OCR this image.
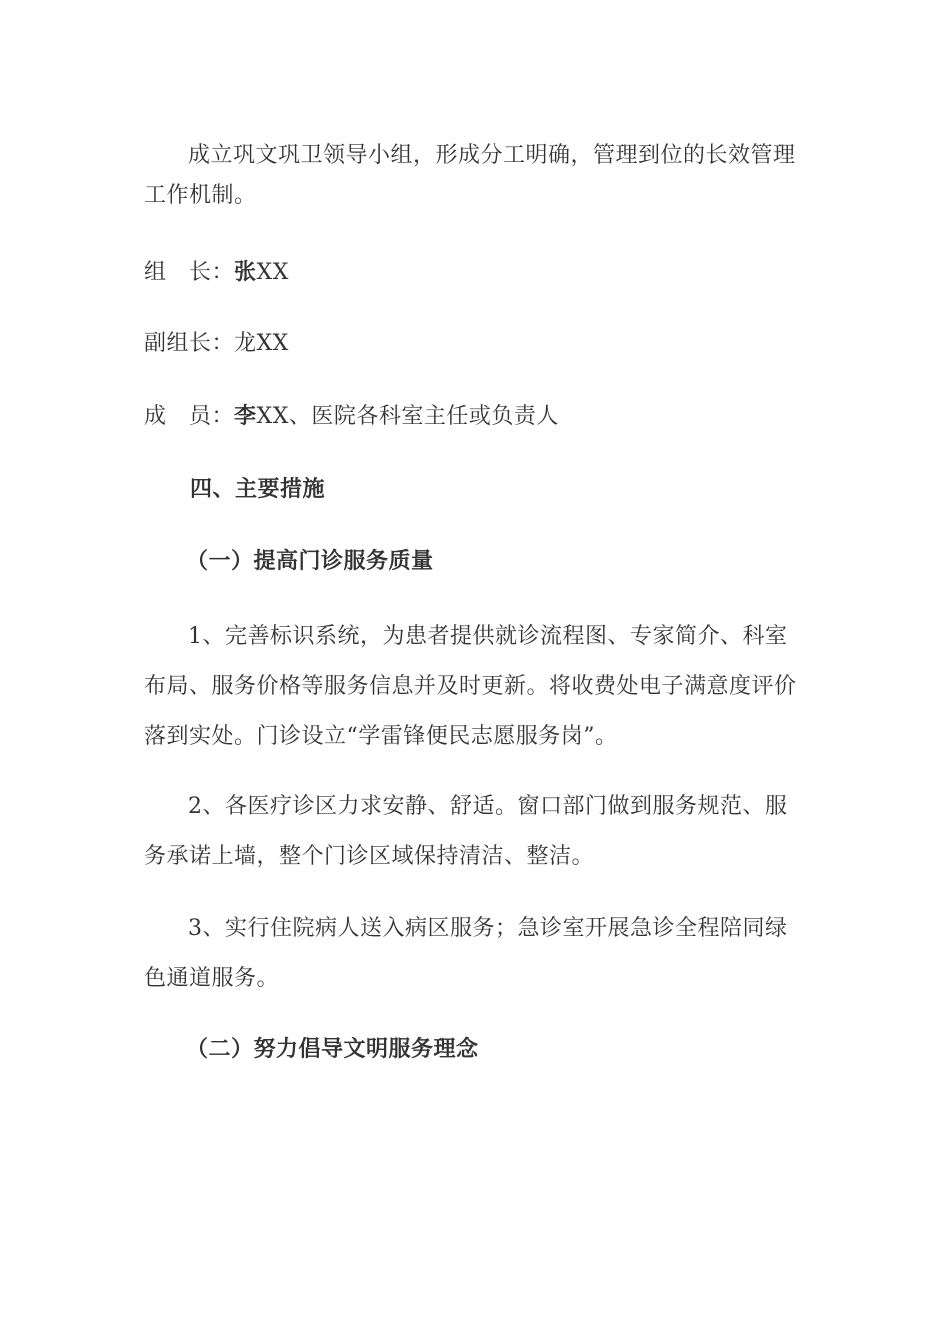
成立巩文巩卫领导小组，形成分工明确，管理到位的长效管理工作机制。

组　长：张XX

副组长：龙XX

成　员：李XX、医院各科室主任或负责人

四、主要措施

（一）提高门诊服务质量

1、完善标识系统，为患者提供就诊流程图、专家简介、科室布局、服务价格等服务信息并及时更新。将收费处电子满意度评价落到实处。门诊设立“学雷锋便民志愿服务岗”。

2、各医疗诊区力求安静、舒适。窗口部门做到服务规范、服务承诺上墙，整个门诊区域保持清洁、整洁。

3、实行住院病人送入病区服务；急诊室开展急诊全程陪同绿色通道服务。

（二）努力倡导文明服务理念
